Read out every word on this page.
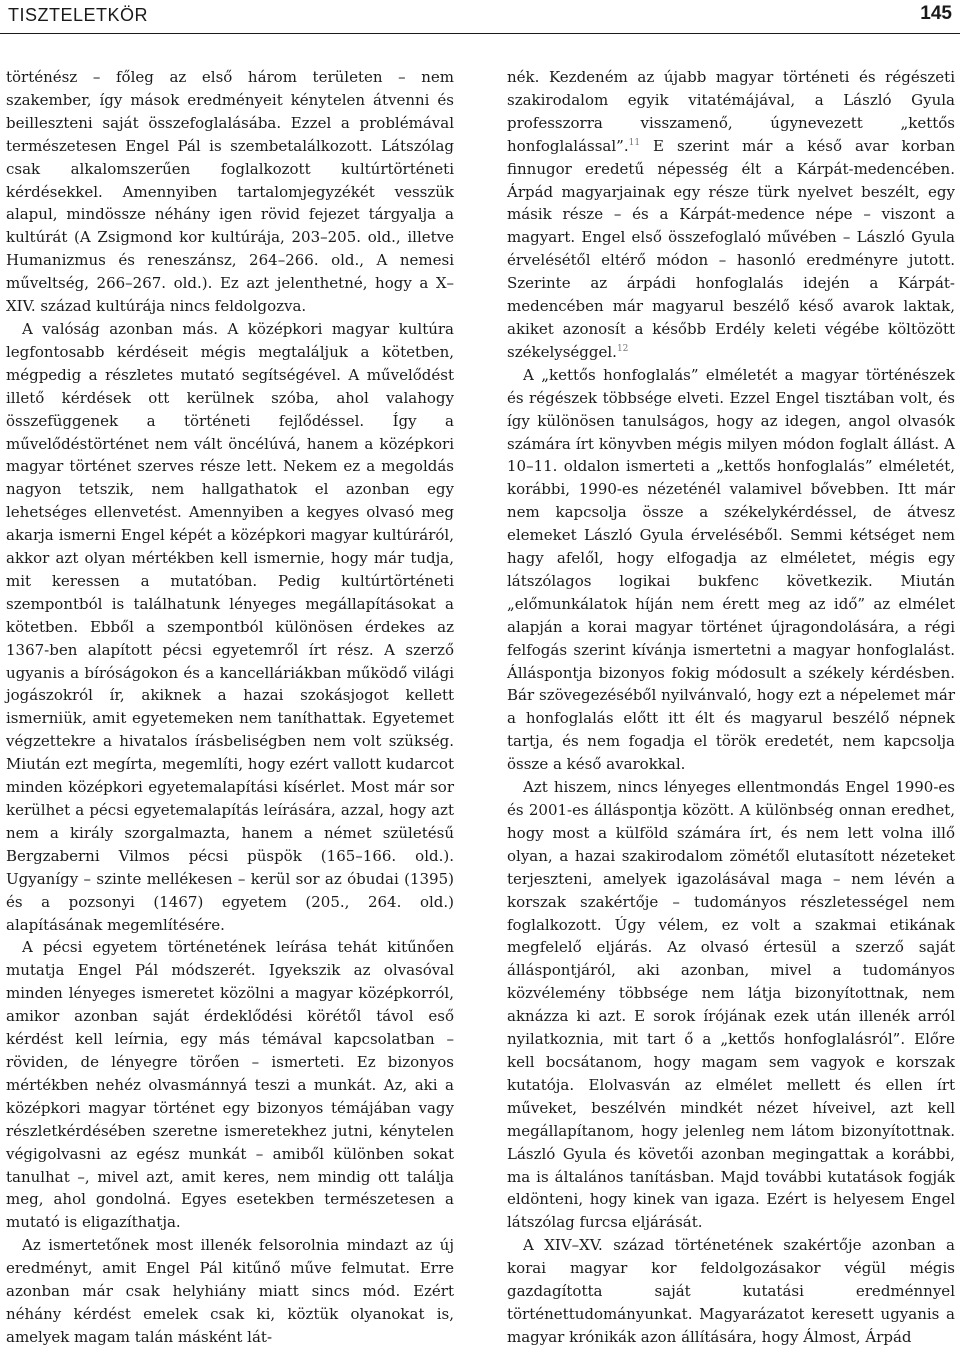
TISZTELETKÖR	145

történész – főleg az első három területen – nem szakember, így mások eredményeit kénytelen átvenni és beilleszteni saját összefoglalásába. Ezzel a problémával természetesen Engel Pál is szembetalálkozott. Látszólag csak alkalomszerűen foglalkozott kultúrtörténeti kérdésekkel. Amennyiben tartalomjegyzékét vesszük alapul, mindössze néhány igen rövid fejezet tárgyalja a kultúrát (A Zsigmond kor kultúrája, 203–205. old., illetve Humanizmus és reneszánsz, 264–266. old., A nemesi műveltség, 266–267. old.). Ez azt jelenthetné, hogy a X–XIV. század kultúrája nincs feldolgozva.

A valóság azonban más. A középkori magyar kultúra legfontosabb kérdéseit mégis megtaláljuk a kötetben, mégpedig a részletes mutató segítségével. A művelődést illető kérdések ott kerülnek szóba, ahol valahogy összefüggenek a történeti fejlődéssel. Így a művelődéstörténet nem vált öncélúvá, hanem a középkori magyar történet szerves része lett. Nekem ez a megoldás nagyon tetszik, nem hallgathatok el azonban egy lehetséges ellenvetést. Amennyiben a kegyes olvasó meg akarja ismerni Engel képét a középkori magyar kultúráról, akkor azt olyan mértékben kell ismernie, hogy már tudja, mit keressen a mutatóban. Pedig kultúrtörténeti szempontból is találhatunk lényeges megállapításokat a kötetben. Ebből a szempontból különösen érdekes az 1367-ben alapított pécsi egyetemről írt rész. A szerző ugyanis a bíróságokon és a kancelláriákban működő világi jogászokról ír, akiknek a hazai szokásjogot kellett ismerniük, amit egyetemeken nem taníthattak. Egyetemet végzettekre a hivatalos írásbeliségben nem volt szükség. Miután ezt megírta, megemlíti, hogy ezért vallott kudarcot minden középkori egyetemalapítási kísérlet. Most már sor kerülhet a pécsi egyetemalapítás leírására, azzal, hogy azt nem a király szorgalmazta, hanem a német születésű Bergzaberni Vilmos pécsi püspök (165–166. old.). Ugyanígy – szinte mellékesen – kerül sor az óbudai (1395) és a pozsonyi (1467) egyetem (205., 264. old.) alapításának megemlítésére.

A pécsi egyetem történetének leírása tehát kitűnően mutatja Engel Pál módszerét. Igyekszik az olvasóval minden lényeges ismeretet közölni a magyar középkorról, amikor azonban saját érdeklődési körétől távol eső kérdést kell leírnia, egy más témával kapcsolatban – röviden, de lényegre törően – ismerteti. Ez bizonyos mértékben nehéz olvasmánnyá teszi a munkát. Az, aki a középkori magyar történet egy bizonyos témájában vagy részletkérdésében szeretne ismeretekhez jutni, kénytelen végigolvasni az egész munkát – amiből különben sokat tanulhat –, mivel azt, amit keres, nem mindig ott találja meg, ahol gondolná. Egyes esetekben természetesen a mutató is eligazíthatja.

Az ismertetőnek most illenék felsorolnia mindazt az új eredményt, amit Engel Pál kitűnő műve felmutat. Erre azonban már csak helyhiány miatt sincs mód. Ezért néhány kérdést emelek csak ki, köztük olyanokat is, amelyek magam talán másként lát-

nék. Kezdeném az újabb magyar történeti és régészeti szakirodalom egyik vitatémájával, a László Gyula professzorra visszamenő, úgynevezett „kettős honfoglalással”.$^{11}$ E szerint már a késő avar korban finnugor eredetű népesség élt a Kárpát-medencében. Árpád magyarjainak egy része türk nyelvet beszélt, egy másik része – és a Kárpát-medence népe – viszont a magyart. Engel első összefoglaló művében – László Gyula érvelésétől eltérő módon – hasonló eredményre jutott. Szerinte az árpádi honfoglalás idején a Kárpát-medencében már magyarul beszélő késő avarok laktak, akiket azonosít a később Erdély keleti végébe költözött székelységgel.$^{12}$

A „kettős honfoglalás” elméletét a magyar történészek és régészek többsége elveti. Ezzel Engel tisztában volt, és így különösen tanulságos, hogy az idegen, angol olvasók számára írt könyvben mégis milyen módon foglalt állást. A 10–11. oldalon ismerteti a „kettős honfoglalás” elméletét, korábbi, 1990-es nézeténél valamivel bővebben. Itt már nem kapcsolja össze a székelykérdéssel, de átvesz elemeket László Gyula érveléséből. Semmi kétséget nem hagy afelől, hogy elfogadja az elméletet, mégis egy látszólagos logikai bukfenc következik. Miután „előmunkálatok híján nem érett meg az idő” az elmélet alapján a korai magyar történet újragondolására, a régi felfogás szerint kívánja ismertetni a magyar honfoglalást. Álláspontja bizonyos fokig módosult a székely kérdésben. Bár szövegezéséből nyilvánvaló, hogy ezt a népelemet már a honfoglalás előtt itt élt és magyarul beszélő népnek tartja, és nem fogadja el török eredetét, nem kapcsolja össze a késő avarokkal.

Azt hiszem, nincs lényeges ellentmondás Engel 1990-es és 2001-es álláspontja között. A különbség onnan eredhet, hogy most a külföld számára írt, és nem lett volna illő olyan, a hazai szakirodalom zömétől elutasított nézeteket terjeszteni, amelyek igazolásával maga – nem lévén a korszak szakértője – tudományos részletességel nem foglalkozott. Úgy vélem, ez volt a szakmai etikának megfelelő eljárás. Az olvasó értesül a szerző saját álláspontjáról, aki azonban, mivel a tudományos közvélemény többsége nem látja bizonyítottnak, nem aknázza ki azt. E sorok írójának ezek után illenék arról nyilatkoznia, mit tart ő a „kettős honfoglalásról”. Előre kell bocsátanom, hogy magam sem vagyok e korszak kutatója. Elolvasván az elmélet mellett és ellen írt műveket, beszélvén mindkét nézet híveivel, azt kell megállapítanom, hogy jelenleg nem látom bizonyítottnak. László Gyula és követői azonban megingattak a korábbi, ma is általános tanításban. Majd további kutatások fogják eldönteni, hogy kinek van igaza. Ezért is helyesem Engel látszólag furcsa eljárását.

A XIV–XV. század történetének szakértője azonban a korai magyar kor feldolgozásakor végül mégis gazdagította saját kutatási eredménnyel történettudományunkat. Magyarázatot keresett ugyanis a magyar krónikák azon állítására, hogy Álmost, Árpád
